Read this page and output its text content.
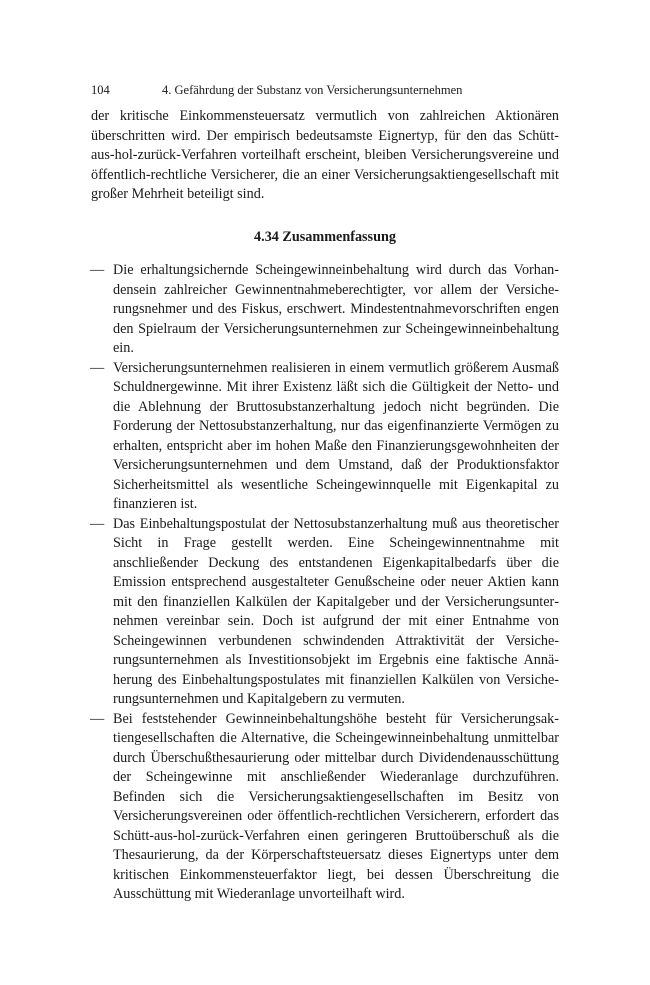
104	4. Gefährdung der Substanz von Versicherungsunternehmen

der kritische Einkommensteuersatz vermutlich von zahlreichen Aktionären überschritten wird. Der empirisch bedeutsamste Eignertyp, für den das Schütt-aus-hol-zurück-Verfahren vorteilhaft erscheint, bleiben Versicherungsvereine und öffentlich-rechtliche Versicherer, die an einer Versicherungsaktiengesellschaft mit großer Mehrheit beteiligt sind.

4.34 Zusammenfassung
— Die erhaltungsichernde Scheingewinneinbehaltung wird durch das Vorhandensein zahlreicher Gewinnentnahmeberechtigter, vor allem der Versicherungsnehmer und des Fiskus, erschwert. Mindestentnahmevorschriften engen den Spielraum der Versicherungsunternehmen zur Scheingewinneinbehaltung ein.
— Versicherungsunternehmen realisieren in einem vermutlich größerem Ausmaß Schuldnergewinne. Mit ihrer Existenz läßt sich die Gültigkeit der Netto- und die Ablehnung der Bruttosubstanzerhaltung jedoch nicht begründen. Die Forderung der Nettosubstanzerhaltung, nur das eigenfinanzierte Vermögen zu erhalten, entspricht aber im hohen Maße den Finanzierungsgewohnheiten der Versicherungsunternehmen und dem Umstand, daß der Produktionsfaktor Sicherheitsmittel als wesentliche Scheingewinnquelle mit Eigenkapital zu finanzieren ist.
— Das Einbehaltungspostulat der Nettosubstanzerhaltung muß aus theoretischer Sicht in Frage gestellt werden. Eine Scheingewinnentnahme mit anschließender Deckung des entstandenen Eigenkapitalbedarfs über die Emission entsprechend ausgestalteter Genußscheine oder neuer Aktien kann mit den finanziellen Kalkülen der Kapitalgeber und der Versicherungsunternehmen vereinbar sein. Doch ist aufgrund der mit einer Entnahme von Scheingewinnen verbundenen schwindenden Attraktivität der Versicherungsunternehmen als Investitionsobjekt im Ergebnis eine faktische Annäherung des Einbehaltungspostulates mit finanziellen Kalkülen von Versicherungsunternehmen und Kapitalgebern zu vermuten.
— Bei feststehender Gewinneinbehaltungshöhe besteht für Versicherungsaktiengesellschaften die Alternative, die Scheingewinneinbehaltung unmittelbar durch Überschußthesaurierung oder mittelbar durch Dividendenausschüttung der Scheingewinne mit anschließender Wiederanlage durchzuführen. Befinden sich die Versicherungsaktiengesellschaften im Besitz von Versicherungsvereinen oder öffentlich-rechtlichen Versicherern, erfordert das Schütt-aus-hol-zurück-Verfahren einen geringeren Bruttoüberschuß als die Thesaurierung, da der Körperschaftsteuersatz dieses Eignertyps unter dem kritischen Einkommensteuerfaktor liegt, bei dessen Überschreitung die Ausschüttung mit Wiederanlage unvorteilhaft wird.
